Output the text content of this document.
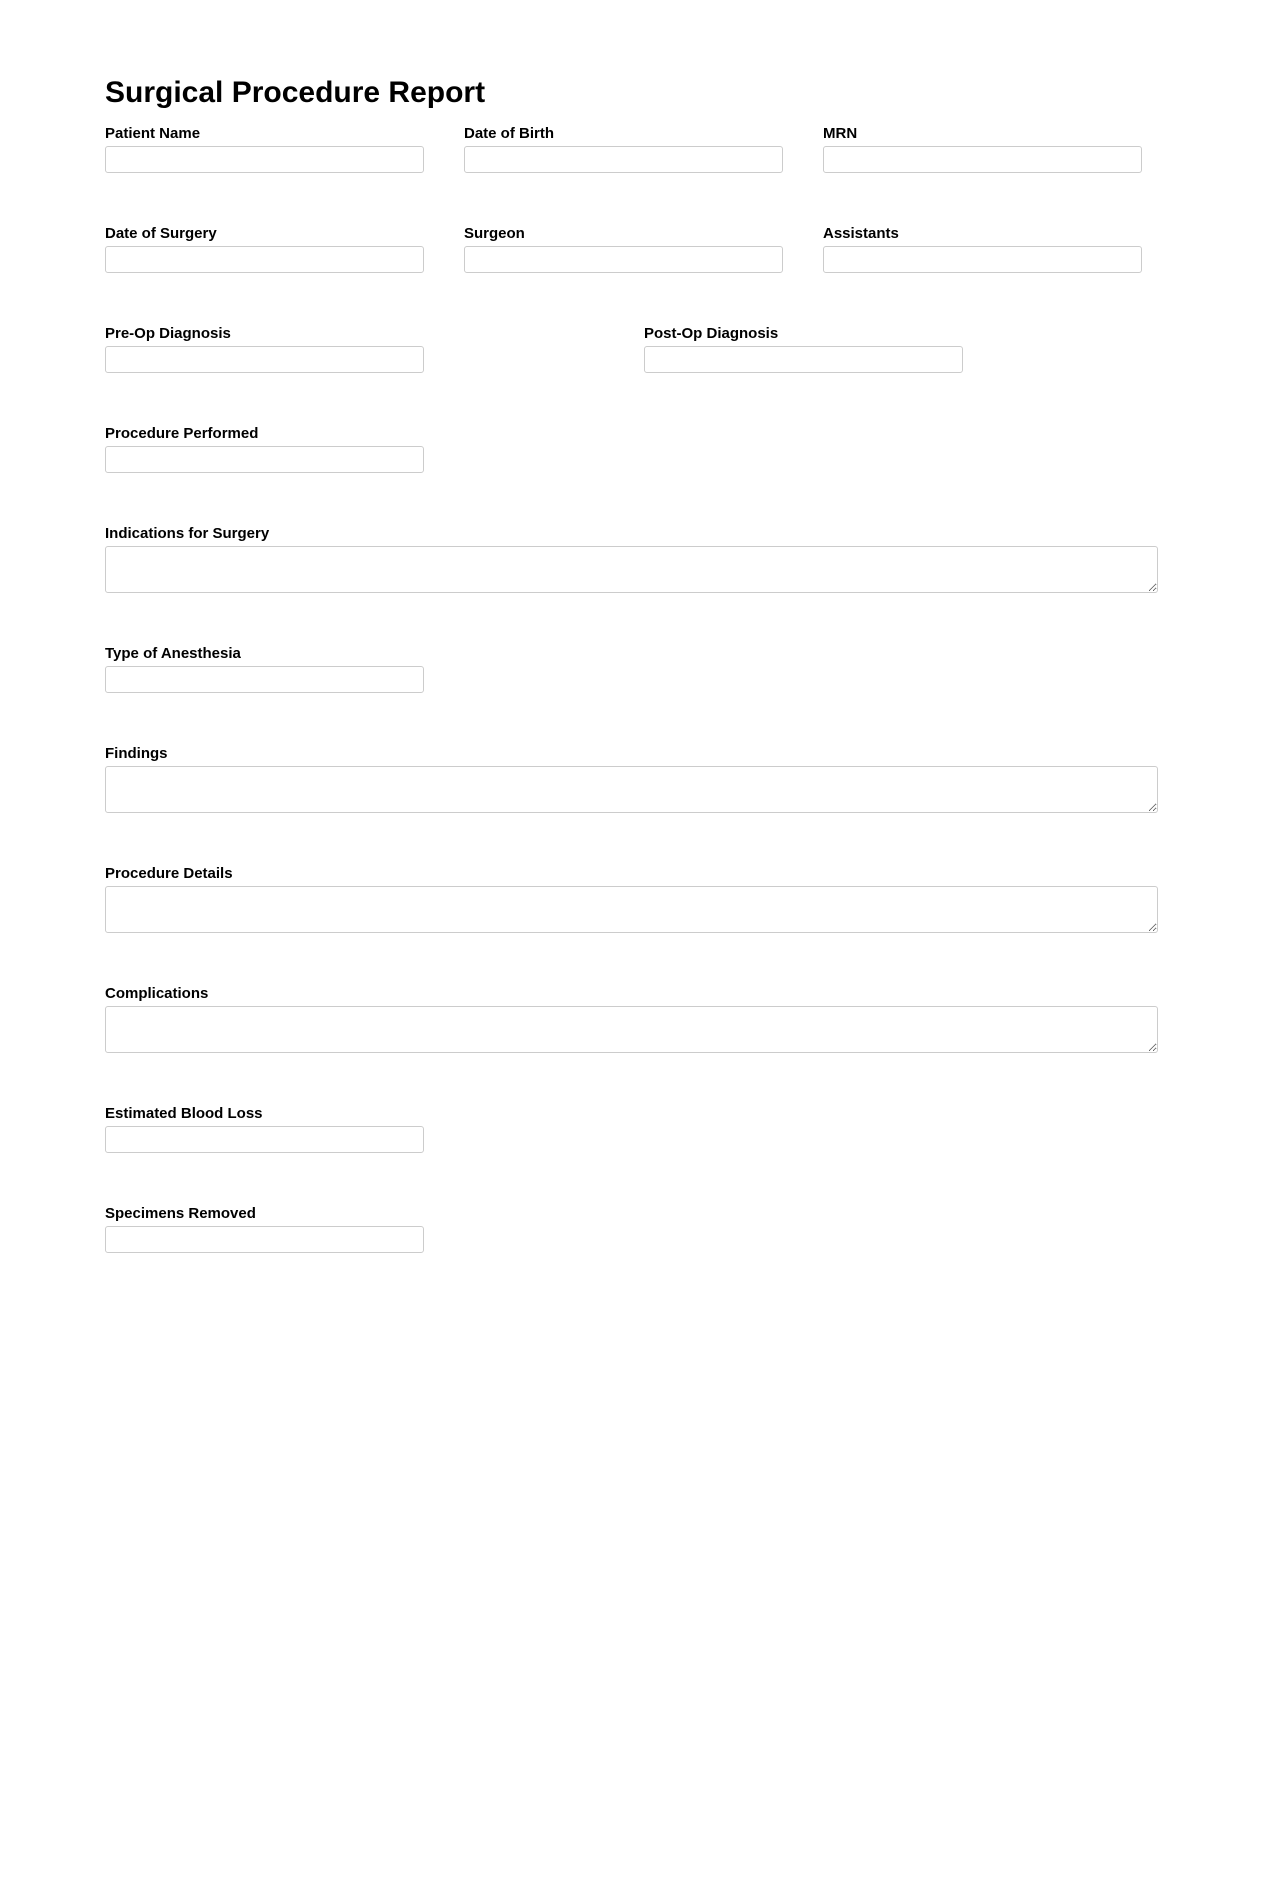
Surgical Procedure Report
Patient Name	Date of Birth	MRN
Date of Surgery	Surgeon	Assistants
Pre-Op Diagnosis	Post-Op Diagnosis
Procedure Performed
Indications for Surgery
Type of Anesthesia
Findings
Procedure Details
Complications
Estimated Blood Loss
Specimens Removed
